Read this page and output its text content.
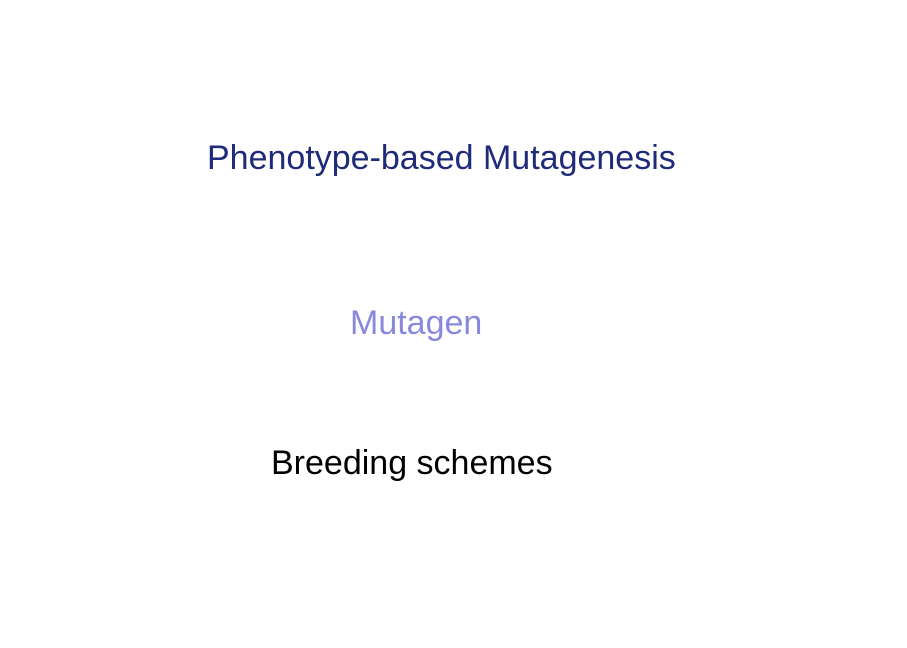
Phenotype-based Mutagenesis
Mutagen
Breeding schemes
